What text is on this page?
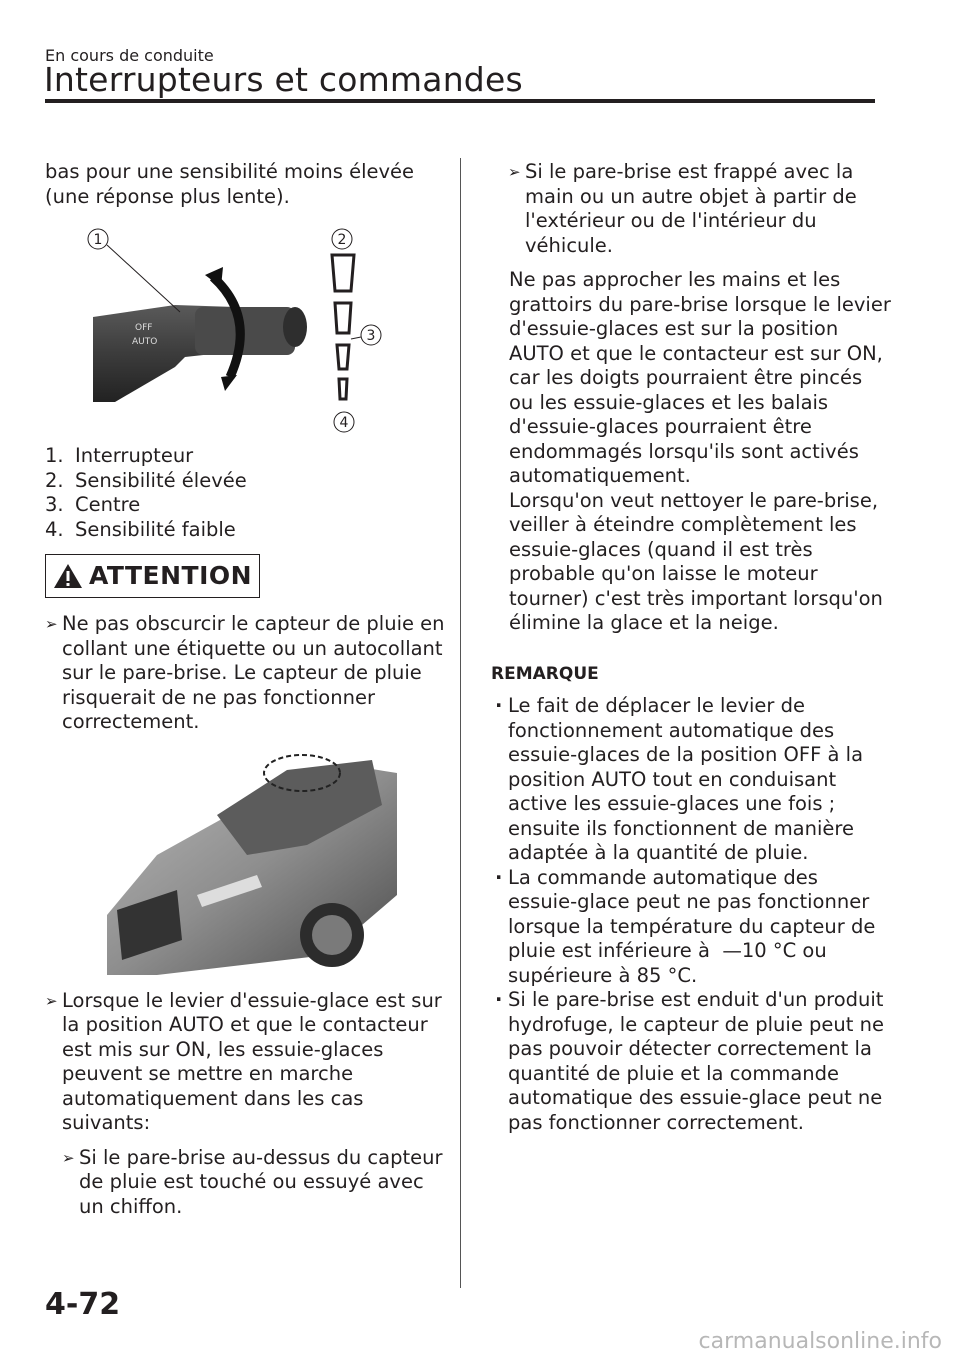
En cours de conduite
Interrupteurs et commandes

bas pour une sensibilité moins élevée (une réponse plus lente).

OFF
AUTO
1	2
3
4
1. Interrupteur
2. Sensibilité élevée
3. Centre
4. Sensibilité faible
ATTENTION

➢ Ne pas obscurcir le capteur de pluie en collant une étiquette ou un autocollant sur le pare-brise. Le capteur de pluie risquerait de ne pas fonctionner correctement.

➢ Lorsque le levier d'essuie-glace est sur la position AUTO et que le contacteur est mis sur ON, les essuie-glaces peuvent se mettre en marche automatiquement dans les cas suivants:

➢ Si le pare-brise au-dessus du capteur de pluie est touché ou essuyé avec un chiffon.

➢ Si le pare-brise est frappé avec la main ou un autre objet à partir de l'extérieur ou de l'intérieur du véhicule.

Ne pas approcher les mains et les grattoirs du pare-brise lorsque le levier d'essuie-glaces est sur la position AUTO et que le contacteur est sur ON, car les doigts pourraient être pincés ou les essuie-glaces et les balais d'essuie-glaces pourraient être endommagés lorsqu'ils sont activés automatiquement.

Lorsqu'on veut nettoyer le pare-brise, veiller à éteindre complètement les essuie-glaces (quand il est très probable qu'on laisse le moteur tourner) c'est très important lorsqu'on élimine la glace et la neige.

REMARQUE

· Le fait de déplacer le levier de fonctionnement automatique des essuie-glaces de la position OFF à la position AUTO tout en conduisant active les essuie-glaces une fois ; ensuite ils fonctionnent de manière adaptée à la quantité de pluie.

· La commande automatique des essuie-glace peut ne pas fonctionner lorsque la température du capteur de pluie est inférieure à  —10 °C ou supérieure à 85 °C.

· Si le pare-brise est enduit d'un produit hydrofuge, le capteur de pluie peut ne pas pouvoir détecter correctement la quantité de pluie et la commande automatique des essuie-glace peut ne pas fonctionner correctement.

4-72
carmanualsonline.info
